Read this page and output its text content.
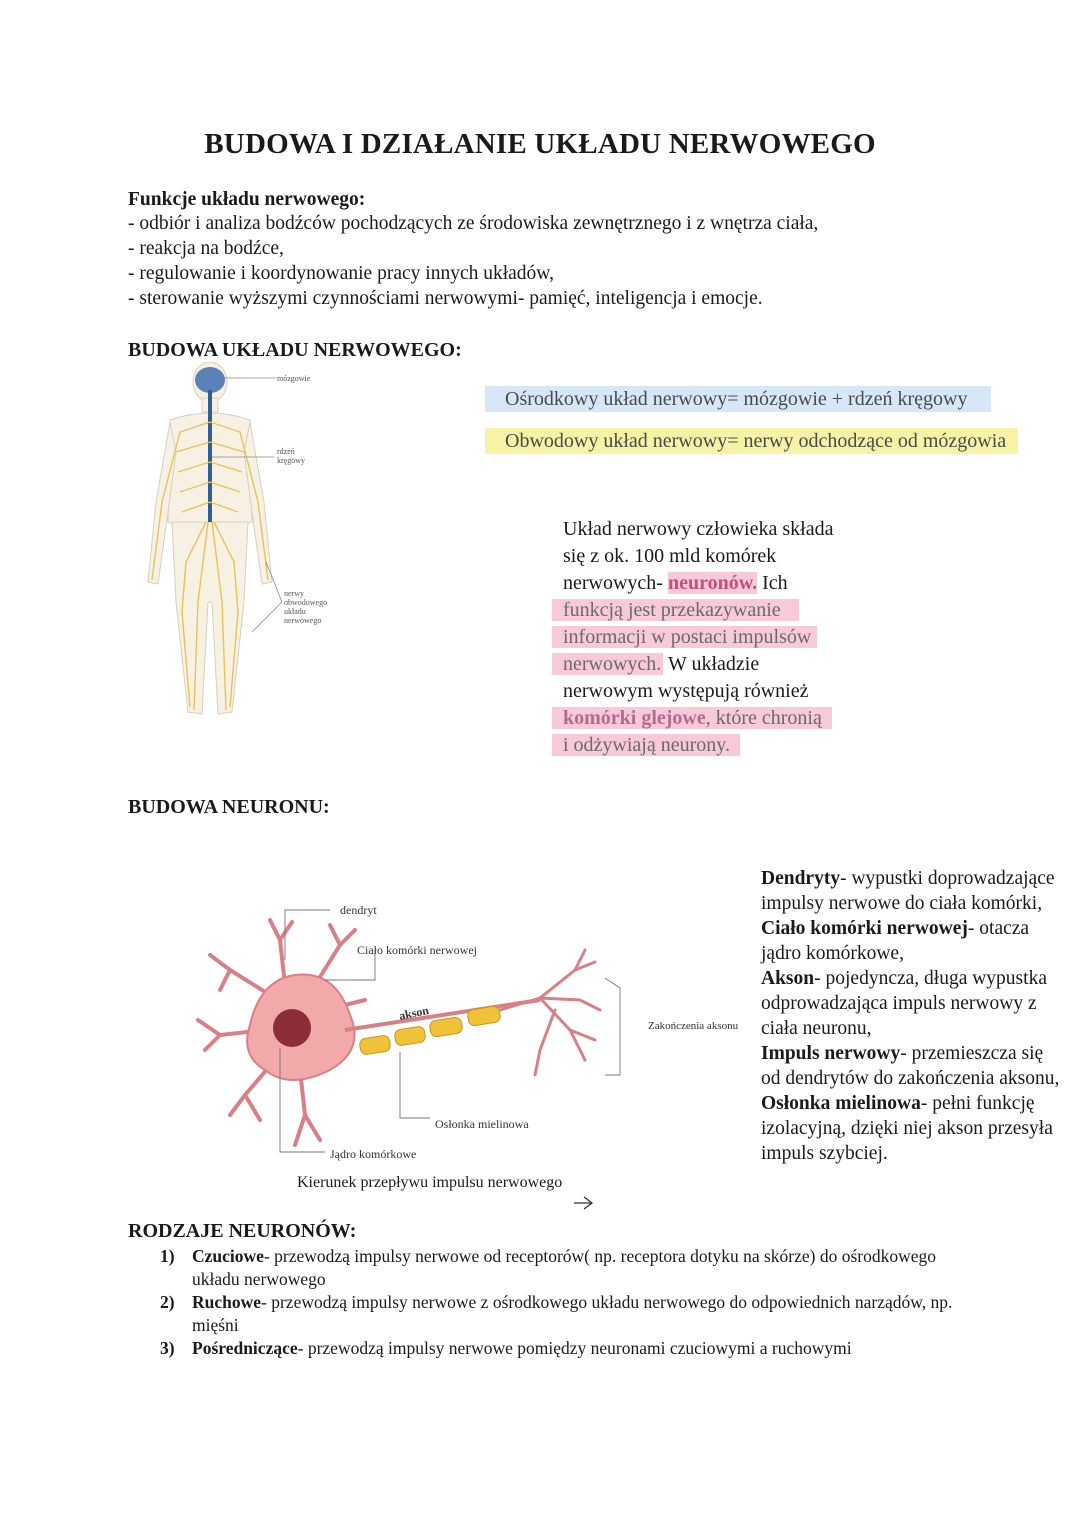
BUDOWA I DZIAŁANIE UKŁADU NERWOWEGO

Funkcje układu nerwowego:

- odbiór i analiza bodźców pochodzących ze środowiska zewnętrznego i z wnętrza ciała,
- reakcja na bodźce,
- regulowanie i koordynowanie pracy innych układów,
- sterowanie wyższymi czynnościami nerwowymi- pamięć, inteligencja i emocje.

BUDOWA UKŁADU NERWOWEGO:

mózgowie
rdzeń
kręgowy
nerwy
obwodowego
układu
nerwowego
Ośrodkowy układ nerwowy= mózgowie + rdzeń kręgowy
Obwodowy układ nerwowy= nerwy odchodzące od mózgowia
Układ nerwowy człowieka składa
się z ok. 100 mld komórek
nerwowych- neuronów. Ich
funkcją jest przekazywanie
informacji w postaci impulsów
nerwowych. W układzie
nerwowym występują również
komórki glejowe, które chronią
i odżywiają neurony.

BUDOWA NEURONU:

dendryt
Ciało komórki nerwowej
akson
Zakończenia aksonu
Osłonka mielinowa
Jądro komórkowe
Kierunek przepływu impulsu nerwowego
Dendryty- wypustki doprowadzające impulsy nerwowe do ciała komórki,
Ciało komórki nerwowej- otacza jądro komórkowe,
Akson- pojedyncza, długa wypustka odprowadzająca impuls nerwowy z ciała neuronu,
Impuls nerwowy- przemieszcza się od dendrytów do zakończenia aksonu,
Osłonka mielinowa- pełni funkcję izolacyjną, dzięki niej akson przesyła impuls szybciej.

RODZAJE NEURONÓW:

1) Czuciowe- przewodzą impulsy nerwowe od receptorów( np. receptora dotyku na skórze) do ośrodkowego układu nerwowego
2) Ruchowe- przewodzą impulsy nerwowe z ośrodkowego układu nerwowego do odpowiednich narządów, np. mięśni
3) Pośredniczące- przewodzą impulsy nerwowe pomiędzy neuronami czuciowymi a ruchowymi
